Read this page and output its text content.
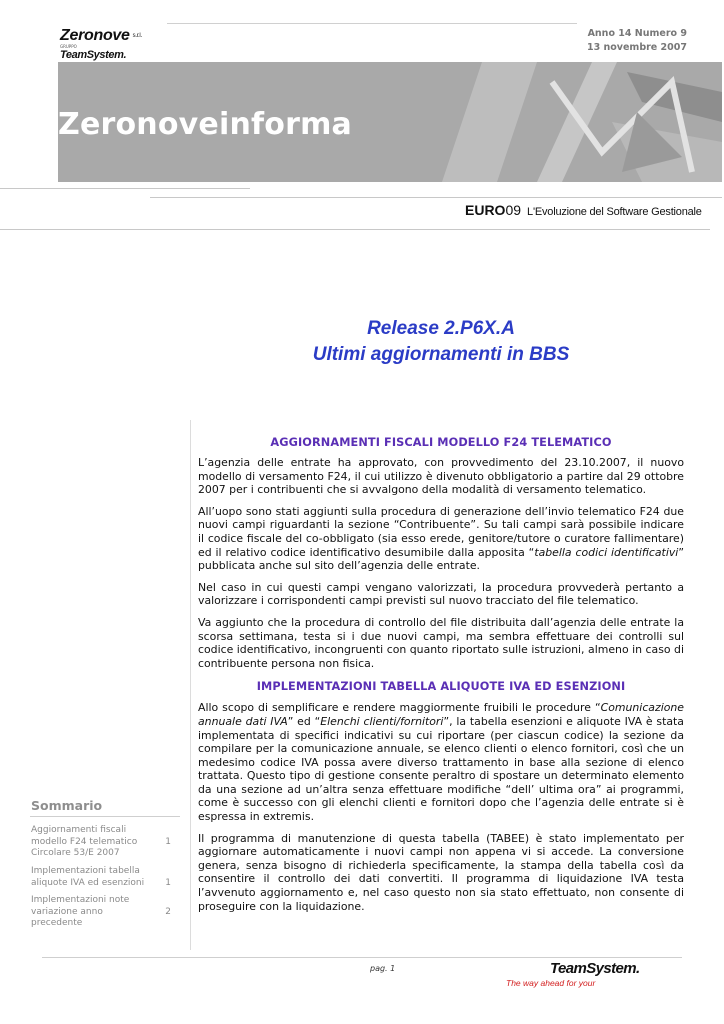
Zeronove s.r.l.
GRUPPO
TeamSystem.
Anno 14 Numero 9
13 novembre 2007
Zeronoveinforma
EURO09 L'Evoluzione del Software Gestionale
Release 2.P6X.A
Ultimi aggiornamenti in BBS
AGGIORNAMENTI FISCALI MODELLO F24 TELEMATICO

L’agenzia delle entrate ha approvato, con provvedimento del 23.10.2007, il nuovo modello di versamento F24, il cui utilizzo è divenuto obbligatorio a partire dal 29 ottobre 2007 per i contribuenti che si avvalgono della modalità di versamento telematico.

All’uopo sono stati aggiunti sulla procedura di generazione dell’invio telematico F24 due nuovi campi riguardanti la sezione “Contribuente”. Su tali campi sarà possibile indicare il codice fiscale del co-obbligato (sia esso erede, genitore/tutore o curatore fallimentare) ed il relativo codice identificativo desumibile dalla apposita “tabella codici identificativi” pubblicata anche sul sito dell’agenzia delle entrate.

Nel caso in cui questi campi vengano valorizzati, la procedura provvederà pertanto a valorizzare i corrispondenti campi previsti sul nuovo tracciato del file telematico.

Va aggiunto che la procedura di controllo del file distribuita dall’agenzia delle entrate la scorsa settimana, testa si i due nuovi campi, ma sembra effettuare dei controlli sul codice identificativo, incongruenti con quanto riportato sulle istruzioni, almeno in caso di contribuente persona non fisica.

IMPLEMENTAZIONI TABELLA ALIQUOTE IVA ED ESENZIONI

Allo scopo di semplificare e rendere maggiormente fruibili le procedure “Comunicazione annuale dati IVA” ed “Elenchi clienti/fornitori”, la tabella esenzioni e aliquote IVA è stata implementata di specifici indicativi su cui riportare (per ciascun codice) la sezione da compilare per la comunicazione annuale, se elenco clienti o elenco fornitori, così che un medesimo codice IVA possa avere diverso trattamento in base alla sezione di elenco trattata. Questo tipo di gestione consente peraltro di spostare un determinato elemento da una sezione ad un’altra senza effettuare modifiche “dell’ ultima ora” ai programmi, come è successo con gli elenchi clienti e fornitori dopo che l’agenzia delle entrate si è espressa in extremis.

Il programma di manutenzione di questa tabella (TABEE) è stato implementato per aggiornare automaticamente i nuovi campi non appena vi si accede. La conversione genera, senza bisogno di richiederla specificamente, la stampa della tabella così da consentire il controllo dei dati convertiti. Il programma di liquidazione IVA testa l’avvenuto aggiornamento e, nel caso questo non sia stato effettuato, non consente di proseguire con la liquidazione.

Sommario
Aggiornamenti fiscali modello F24 telematico Circolare 53/E 2007
1
Implementazioni tabella aliquote IVA ed esenzioni	1
Implementazioni note variazione anno precedente
2
pag. 1	TeamSystem.
The way ahead for your
